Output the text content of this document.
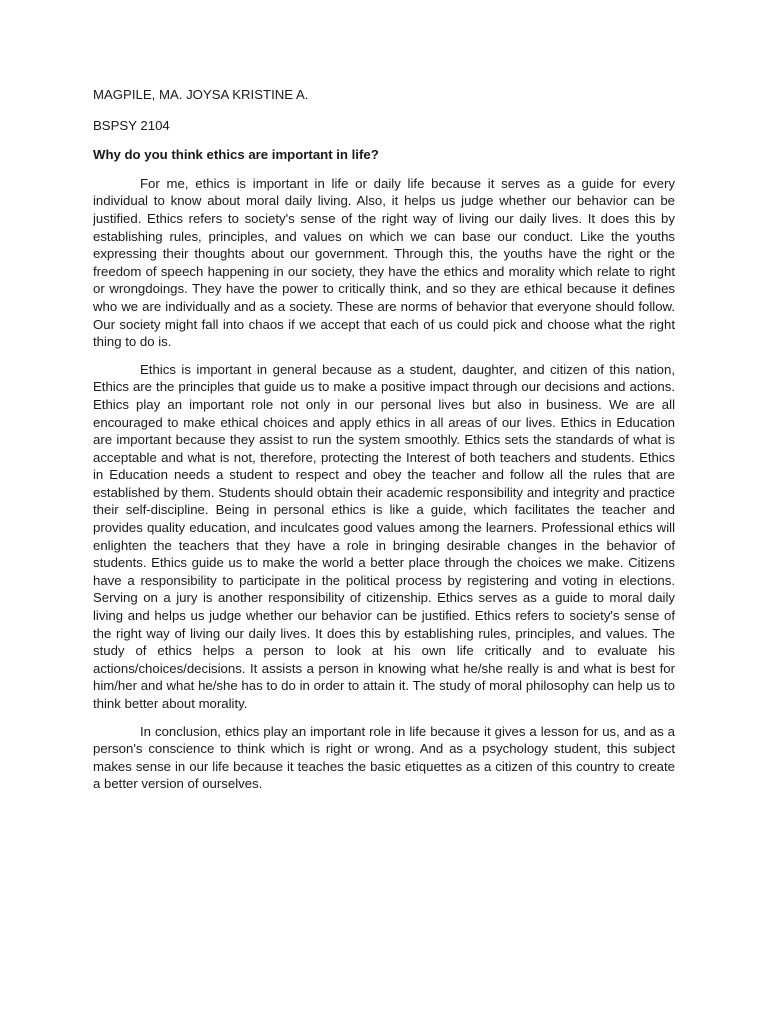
MAGPILE, MA. JOYSA KRISTINE A.

BSPSY 2104

Why do you think ethics are important in life?

For me, ethics is important in life or daily life because it serves as a guide for every individual to know about moral daily living. Also, it helps us judge whether our behavior can be justified. Ethics refers to society's sense of the right way of living our daily lives. It does this by establishing rules, principles, and values on which we can base our conduct. Like the youths expressing their thoughts about our government. Through this, the youths have the right or the freedom of speech happening in our society, they have the ethics and morality which relate to right or wrongdoings. They have the power to critically think, and so they are ethical because it defines who we are individually and as a society. These are norms of behavior that everyone should follow. Our society might fall into chaos if we accept that each of us could pick and choose what the right thing to do is.

Ethics is important in general because as a student, daughter, and citizen of this nation, Ethics are the principles that guide us to make a positive impact through our decisions and actions. Ethics play an important role not only in our personal lives but also in business. We are all encouraged to make ethical choices and apply ethics in all areas of our lives. Ethics in Education are important because they assist to run the system smoothly. Ethics sets the standards of what is acceptable and what is not, therefore, protecting the Interest of both teachers and students. Ethics in Education needs a student to respect and obey the teacher and follow all the rules that are established by them. Students should obtain their academic responsibility and integrity and practice their self-discipline. Being in personal ethics is like a guide, which facilitates the teacher and provides quality education, and inculcates good values among the learners. Professional ethics will enlighten the teachers that they have a role in bringing desirable changes in the behavior of students. Ethics guide us to make the world a better place through the choices we make. Citizens have a responsibility to participate in the political process by registering and voting in elections. Serving on a jury is another responsibility of citizenship. Ethics serves as a guide to moral daily living and helps us judge whether our behavior can be justified. Ethics refers to society's sense of the right way of living our daily lives. It does this by establishing rules, principles, and values. The study of ethics helps a person to look at his own life critically and to evaluate his actions/choices/decisions. It assists a person in knowing what he/she really is and what is best for him/her and what he/she has to do in order to attain it. The study of moral philosophy can help us to think better about morality.

In conclusion, ethics play an important role in life because it gives a lesson for us, and as a person's conscience to think which is right or wrong. And as a psychology student, this subject makes sense in our life because it teaches the basic etiquettes as a citizen of this country to create a better version of ourselves.
